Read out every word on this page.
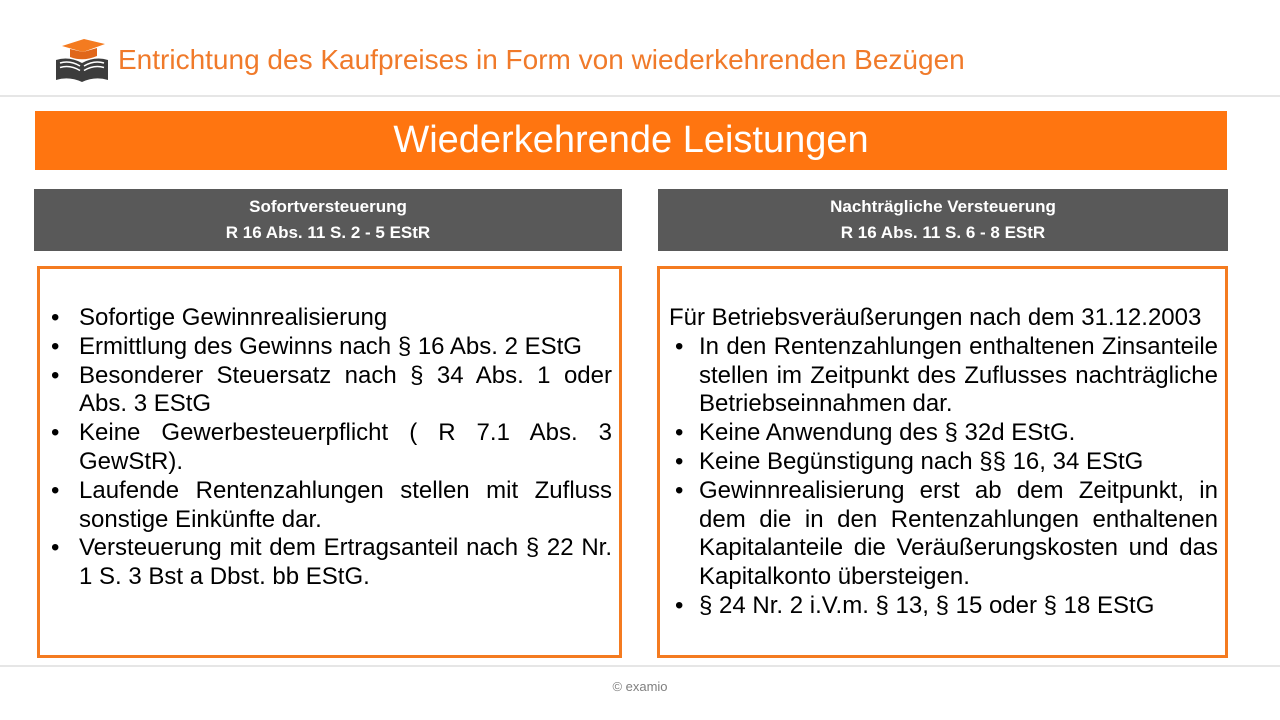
Entrichtung des Kaufpreises in Form von wiederkehrenden Bezügen
Wiederkehrende Leistungen
Sofortversteuerung
R 16 Abs. 11 S. 2 - 5 EStR
Nachträgliche Versteuerung
R 16 Abs. 11 S. 6 - 8 EStR
• Sofortige Gewinnrealisierung
• Ermittlung des Gewinns nach § 16 Abs. 2 EStG
• Besonderer Steuersatz nach § 34 Abs. 1 oder Abs. 3 EStG
• Keine Gewerbesteuerpflicht ( R 7.1 Abs. 3 GewStR).
• Laufende Rentenzahlungen stellen mit Zufluss sonstige Einkünfte dar.
• Versteuerung mit dem Ertragsanteil nach § 22 Nr. 1 S. 3 Bst a Dbst. bb EStG.

Für Betriebsveräußerungen nach dem 31.12.2003

• In den Rentenzahlungen enthaltenen Zinsanteile stellen im Zeitpunkt des Zuflusses nachträgliche Betriebseinnahmen dar.
• Keine Anwendung des § 32d EStG.
• Keine Begünstigung nach §§ 16, 34 EStG
• Gewinnrealisierung erst ab dem Zeitpunkt, in dem die in den Rentenzahlungen enthaltenen Kapitalanteile die Veräußerungskosten und das Kapitalkonto übersteigen.
• § 24 Nr. 2 i.V.m. § 13, § 15 oder § 18 EStG
© examio
